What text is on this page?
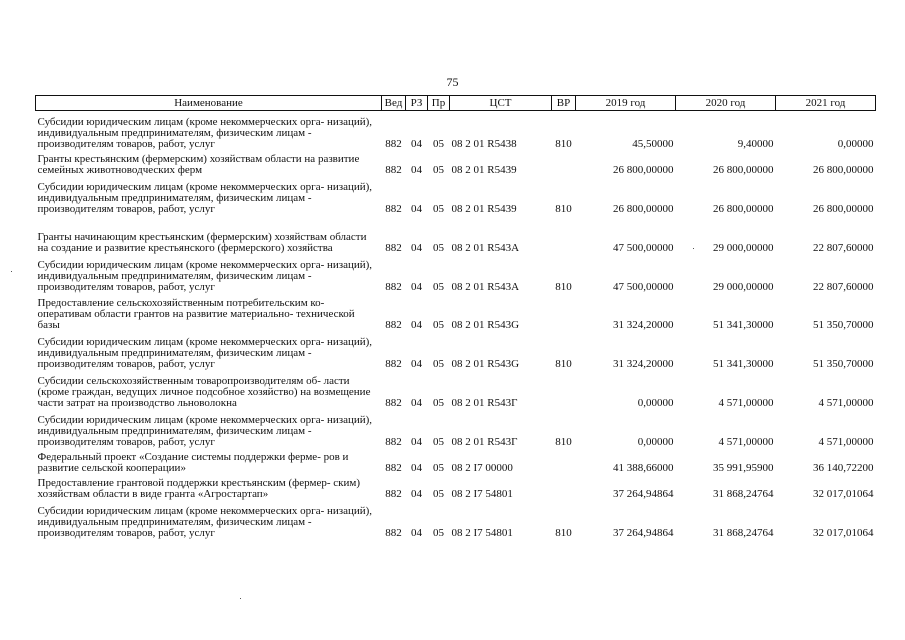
75
Наименование	Вед	РЗ	Пр	ЦСТ	ВР	2019 год	2020 год	2021 год
Субсидии юридическим лицам (кроме некоммерческих орга- низаций), индивидуальным предпринимателям, физическим лицам - производителям товаров, работ, услуг	882	04	05	08 2 01 R5438	810	45,50000	9,40000	0,00000
Гранты крестьянским (фермерским) хозяйствам области на развитие семейных животноводческих ферм	882	04	05	08 2 01 R5439		26 800,00000	26 800,00000	26 800,00000
Субсидии юридическим лицам (кроме некоммерческих орга- низаций), индивидуальным предпринимателям, физическим лицам - производителям товаров, работ, услуг	882	04	05	08 2 01 R5439	810	26 800,00000	26 800,00000	26 800,00000
Гранты начинающим крестьянским (фермерским) хозяйствам области на создание и развитие крестьянского (фермерского) хозяйства	882	04	05	08 2 01 R543A		47 500,00000	29 000,00000	22 807,60000
Субсидии юридическим лицам (кроме некоммерческих орга- низаций), индивидуальным предпринимателям, физическим лицам - производителям товаров, работ, услуг	882	04	05	08 2 01 R543A	810	47 500,00000	29 000,00000	22 807,60000
Предоставление сельскохозяйственным потребительским ко- оперативам области грантов на развитие материально- технической базы	882	04	05	08 2 01 R543G		31 324,20000	51 341,30000	51 350,70000
Субсидии юридическим лицам (кроме некоммерческих орга- низаций), индивидуальным предпринимателям, физическим лицам - производителям товаров, работ, услуг	882	04	05	08 2 01 R543G	810	31 324,20000	51 341,30000	51 350,70000
Субсидии сельскохозяйственным товаропроизводителям об- ласти (кроме граждан, ведущих личное подсобное хозяйство) на возмещение части затрат на производство льноволокна	882	04	05	08 2 01 R543Г		0,00000	4 571,00000	4 571,00000
Субсидии юридическим лицам (кроме некоммерческих орга- низаций), индивидуальным предпринимателям, физическим лицам - производителям товаров, работ, услуг	882	04	05	08 2 01 R543Г	810	0,00000	4 571,00000	4 571,00000
Федеральный проект «Создание системы поддержки ферме- ров и развитие сельской кооперации»	882	04	05	08 2 I7 00000		41 388,66000	35 991,95900	36 140,72200
Предоставление грантовой поддержки крестьянским (фермер- ским) хозяйствам области в виде гранта «Агростартап»	882	04	05	08 2 I7 54801		37 264,94864	31 868,24764	32 017,01064
Субсидии юридическим лицам (кроме некоммерческих орга- низаций), индивидуальным предпринимателям, физическим лицам - производителям товаров, работ, услуг	882	04	05	08 2 I7 54801	810	37 264,94864	31 868,24764	32 017,01064
